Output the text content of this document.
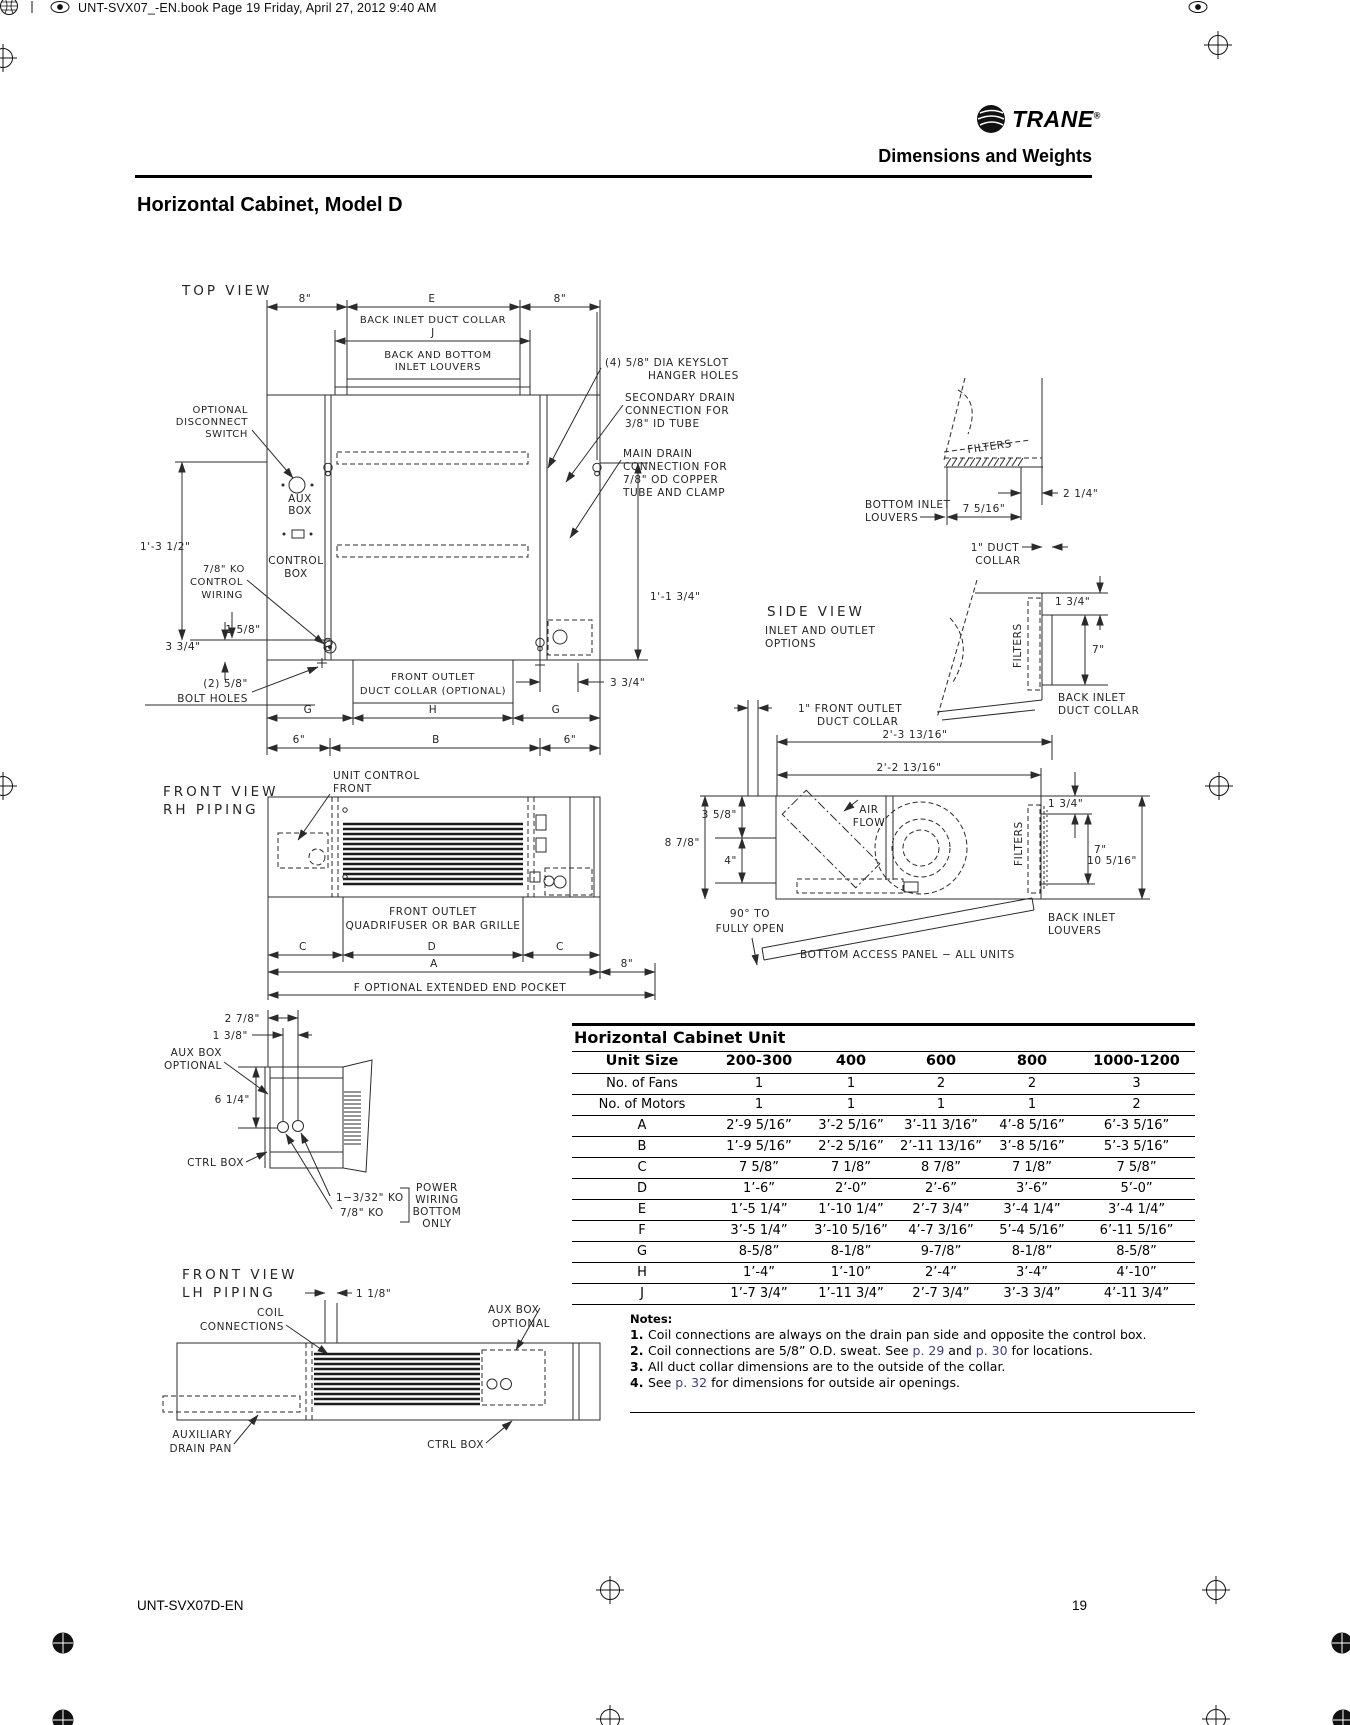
TOP VIEW
AUX
BOX
CONTROL
BOX
8"	E	8"
BACK INLET DUCT COLLAR
J
BACK AND BOTTOM
INLET LOUVERS
OPTIONAL
DISCONNECT
SWITCH
1'-3 1/2"
7/8" KO
CONTROL
WIRING
1 5/8"
3 3/4"
(2) 5/8"
BOLT HOLES
(4) 5/8" DIA KEYSLOT
HANGER HOLES
SECONDARY DRAIN
CONNECTION FOR
3/8" ID TUBE
MAIN DRAIN
CONNECTION FOR
7/8" OD COPPER
TUBE AND CLAMP
1'-1 3/4"
FRONT OUTLET
DUCT COLLAR (OPTIONAL)
3 3/4"
G	H	G
6"	B	6"
FILTERS
2 1/4"
BOTTOM INLET
LOUVERS
7 5/16"
1" DUCT
COLLAR
SIDE VIEW
INLET AND OUTLET
OPTIONS	FILTERS
1 3/4"
7"
BACK INLET
DUCT COLLAR
1" FRONT OUTLET
DUCT COLLAR
2'-3 13/16"
2'-2 13/16"
AIR
FLOW	FILTERS
8 7/8"
3 5/8"
4"
1 3/4"
7"
10 5/16"
90° TO
FULLY OPEN
BACK INLET
LOUVERS
BOTTOM ACCESS PANEL − ALL UNITS
FRONT VIEW
RH PIPING
UNIT CONTROL
FRONT
FRONT OUTLET
QUADRIFUSER OR BAR GRILLE
C	D	C
A	8"
F OPTIONAL EXTENDED END POCKET
2 7/8"
1 3/8"
AUX BOX
OPTIONAL
6 1/4"
CTRL BOX
1−3/32" KO
7/8" KO
POWER
WIRING
BOTTOM
ONLY
FRONT VIEW
LH PIPING	1 1/8"
COIL
CONNECTIONS
AUX BOX
OPTIONAL
AUXILIARY
DRAIN PAN	CTRL BOX
UNT-SVX07_-EN.book Page 19 Friday, April 27, 2012 9:40 AM
TRANE®
Dimensions and Weights
Horizontal Cabinet, Model D
Horizontal Cabinet Unit					
Unit Size	200-300	400	600	800	1000-1200
No. of Fans	1	1	2	2	3
No. of Motors	1	1	1	1	2
A	2’-9 5/16”	3’-2 5/16”	3’-11 3/16”	4’-8 5/16”	6’-3 5/16”
B	1’-9 5/16”	2’-2 5/16”	2’-11 13/16”	3’-8 5/16”	5’-3 5/16”
C	7 5/8”	7 1/8”	8 7/8”	7 1/8”	7 5/8”
D	1’-6”	2’-0”	2’-6”	3’-6”	5’-0”
E	1’-5 1/4”	1’-10 1/4”	2’-7 3/4”	3’-4 1/4”	3’-4 1/4”
F	3’-5 1/4”	3’-10 5/16”	4’-7 3/16”	5’-4 5/16”	6’-11 5/16”
G	8-5/8”	8-1/8”	9-7/8”	8-1/8”	8-5/8”
H	1’-4”	1’-10”	2’-4”	3’-4”	4’-10”
J	1’-7 3/4”	1’-11 3/4”	2’-7 3/4”	3’-3 3/4”	4’-11 3/4”
Notes:
1. Coil connections are always on the drain pan side and opposite the control box.
2. Coil connections are 5/8” O.D. sweat. See p. 29 and p. 30 for locations.
3. All duct collar dimensions are to the outside of the collar.
4. See p. 32 for dimensions for outside air openings.
UNT-SVX07D-EN	19
